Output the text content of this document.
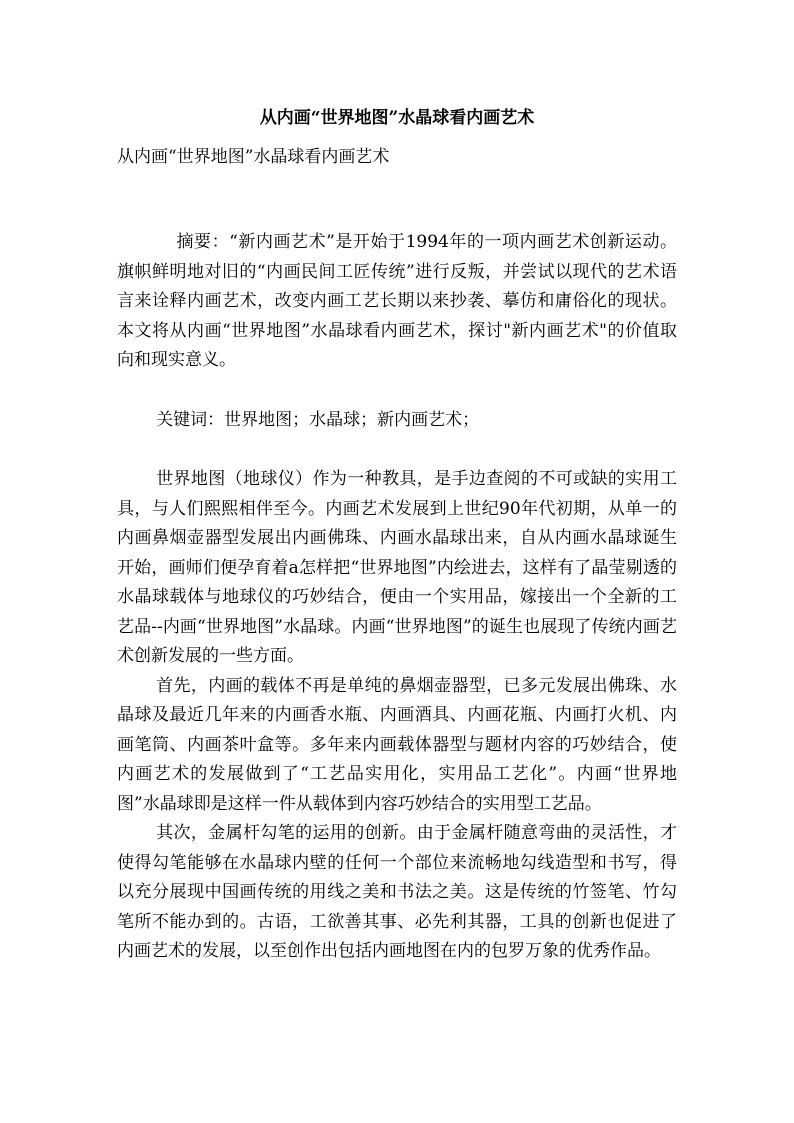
从内画“世界地图”水晶球看内画艺术
从内画“世界地图”水晶球看内画艺术

摘要：“新内画艺术”是开始于1994年的一项内画艺术创新运动。旗帜鲜明地对旧的“内画民间工匠传统”进行反叛，并尝试以现代的艺术语言来诠释内画艺术，改变内画工艺长期以来抄袭、摹仿和庸俗化的现状。本文将从内画“世界地图”水晶球看内画艺术，探讨"新内画艺术"的价值取向和现实意义。

关键词：世界地图；水晶球；新内画艺术；

世界地图（地球仪）作为一种教具，是手边查阅的不可或缺的实用工具，与人们熙熙相伴至今。内画艺术发展到上世纪90年代初期，从单一的内画鼻烟壶器型发展出内画佛珠、内画水晶球出来，自从内画水晶球诞生开始，画师们便孕育着a怎样把“世界地图”内绘进去，这样有了晶莹剔透的水晶球载体与地球仪的巧妙结合，便由一个实用品，嫁接出一个全新的工艺品--内画“世界地图”水晶球。内画“世界地图”的诞生也展现了传统内画艺术创新发展的一些方面。

首先，内画的载体不再是单纯的鼻烟壶器型，已多元发展出佛珠、水晶球及最近几年来的内画香水瓶、内画酒具、内画花瓶、内画打火机、内画笔筒、内画茶叶盒等。多年来内画载体器型与题材内容的巧妙结合，使内画艺术的发展做到了“工艺品实用化，实用品工艺化”。内画“世界地图”水晶球即是这样一件从载体到内容巧妙结合的实用型工艺品。

其次，金属杆勾笔的运用的创新。由于金属杆随意弯曲的灵活性，才使得勾笔能够在水晶球内壁的任何一个部位来流畅地勾线造型和书写，得以充分展现中国画传统的用线之美和书法之美。这是传统的竹签笔、竹勾笔所不能办到的。古语，工欲善其事、必先利其器，工具的创新也促进了内画艺术的发展，以至创作出包括内画地图在内的包罗万象的优秀作品。
